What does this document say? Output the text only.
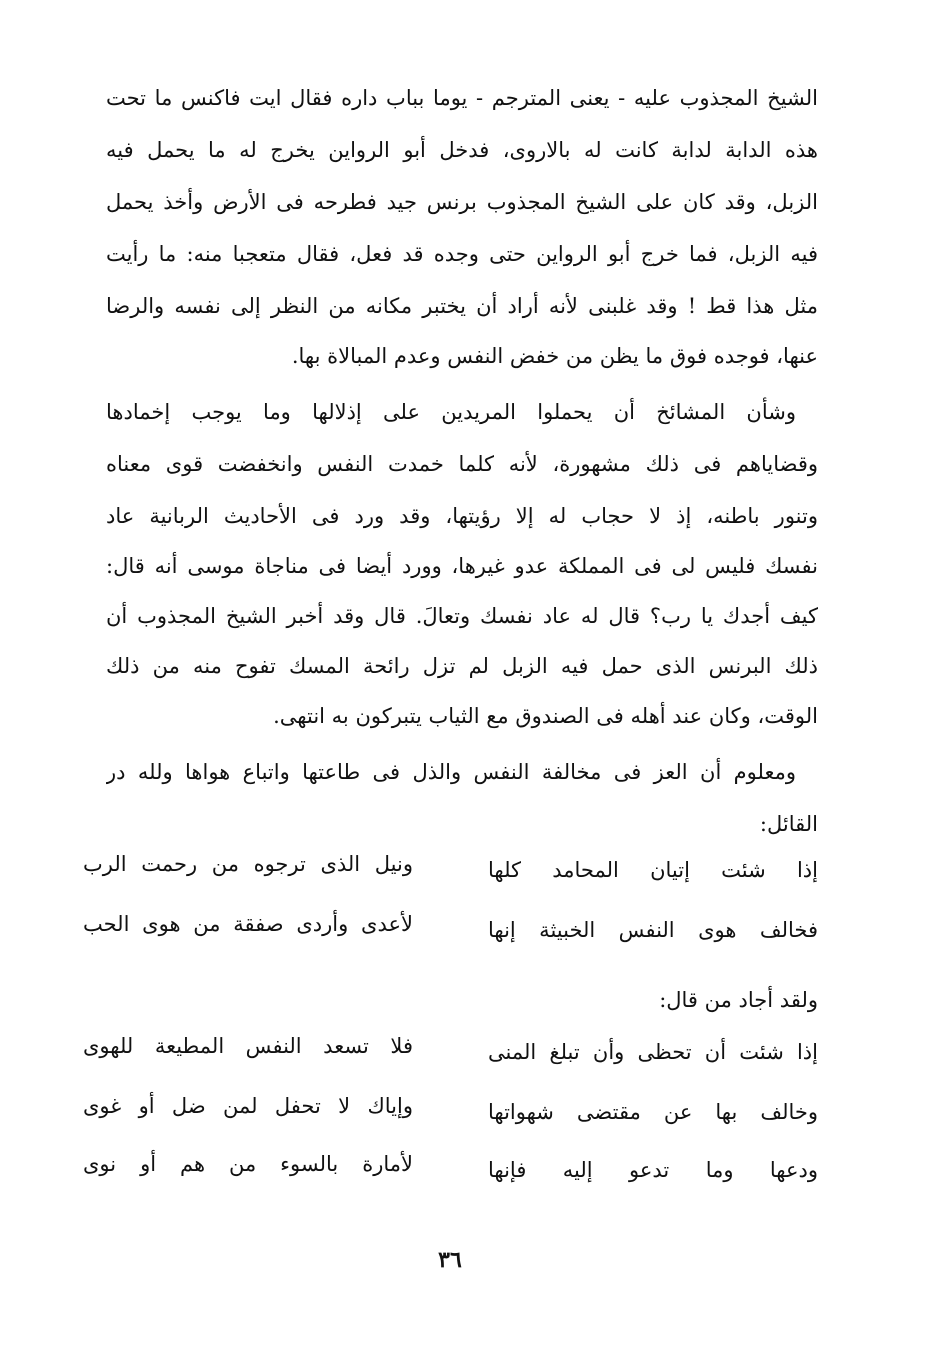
الشيخ المجذوب عليه - يعنى المترجم - يوما بباب داره فقال ايت فاكنس ما تحت
هذه الدابة لدابة كانت له بالاروى، فدخل أبو الرواين يخرج له ما يحمل فيه
الزبل، وقد كان على الشيخ المجذوب برنس جيد فطرحه فى الأرض وأخذ يحمل
فيه الزبل، فما خرج أبو الرواين حتى وجده قد فعل، فقال متعجبا منه: ما رأيت
مثل هذا قط ! وقد غلبنى لأنه أراد أن يختبر مكانه من النظر إلى نفسه والرضا
عنها، فوجده فوق ما يظن من خفض النفس وعدم المبالاة بها.
وشأن المشائخ أن يحملوا المريدين على إذلالها وما يوجب إخمادها
وقضاياهم فى ذلك مشهورة، لأنه كلما خمدت النفس وانخفضت قوى معناه
وتنور باطنه، إذ لا حجاب له إلا رؤيتها، وقد ورد فى الأحاديث الربانية عاد
نفسك فليس لى فى المملكة عدو غيرها، وورد أيضا فى مناجاة موسى أنه قال:
كيف أجدك يا رب؟ قال له عاد نفسك وتعالَ. قال وقد أخبر الشيخ المجذوب أن
ذلك البرنس الذى حمل فيه الزبل لم تزل رائحة المسك تفوح منه من ذلك
الوقت، وكان عند أهله فى الصندوق مع الثياب يتبركون به انتهى.
ومعلوم أن العز فى مخالفة النفس والذل فى طاعتها واتباع هواها ولله در
القائل:
إذا شئت إتيان المحامد كلها
ونيل الذى ترجوه من رحمت الرب
فخالف هوى النفس الخبيثة إنها
لأعدى وأردى صفقة من هوى الحب
ولقد أجاد من قال:
إذا شئت أن تحظى وأن تبلغ المنى
فلا تسعد النفس المطيعة للهوى
وخالف بها عن مقتضى شهواتها
وإياك لا تحفل لمن ضل أو غوى
ودعها وما تدعو إليه فإنها
لأمارة بالسوء من هم أو نوى
٣٦
